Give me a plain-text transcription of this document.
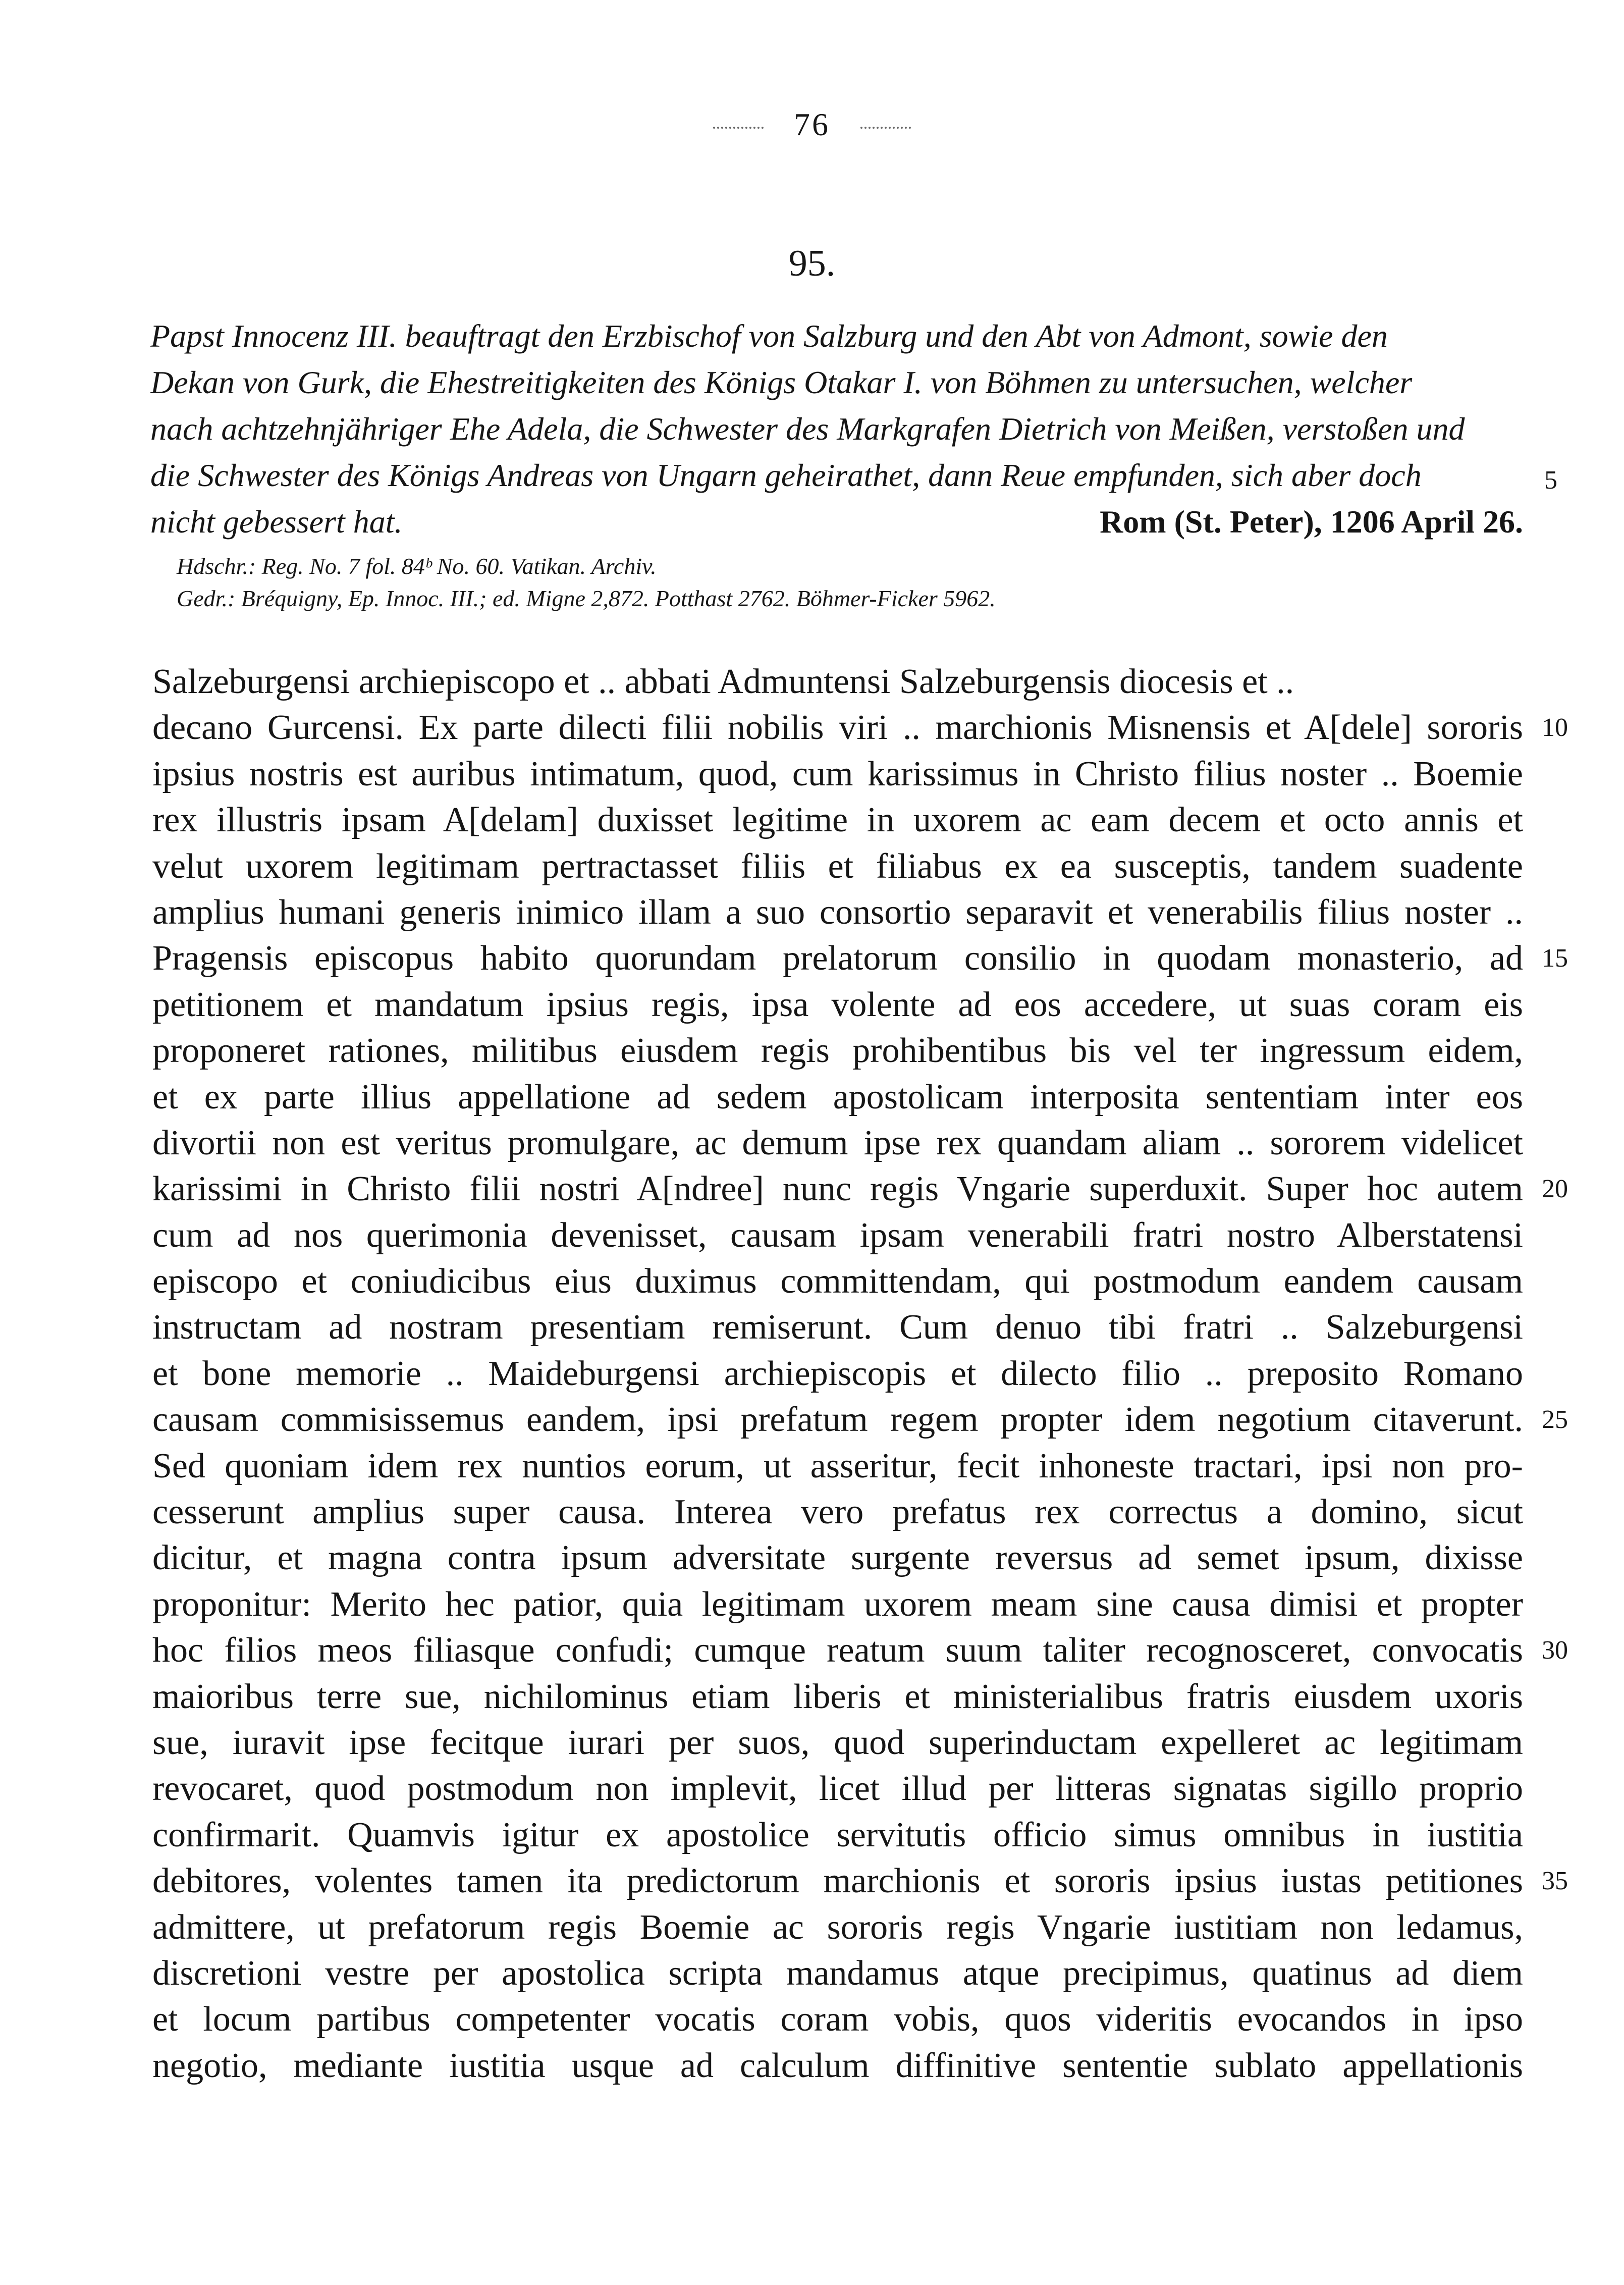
76
95.
Papst Innocenz III. beauftragt den Erzbischof von Salzburg und den Abt von Admont, sowie den
Dekan von Gurk, die Ehestreitigkeiten des Königs Otakar I. von Böhmen zu untersuchen, welcher
nach achtzehnjähriger Ehe Adela, die Schwester des Markgrafen Dietrich von Meißen, verstoßen und
die Schwester des Königs Andreas von Ungarn geheirathet, dann Reue empfunden, sich aber doch
nicht gebessert hat.	Rom (St. Peter), 1206 April 26.
5
Hdschr.: Reg. No. 7 fol. 84ᵇ No. 60. Vatikan. Archiv.
Gedr.: Bréquigny, Ep. Innoc. III.; ed. Migne 2,872. Potthast 2762. Böhmer-Ficker 5962.
Salzeburgensi archiepiscopo et .. abbati Admuntensi Salzeburgensis diocesis et ..
decano Gurcensi. Ex parte dilecti filii nobilis viri .. marchionis Misnensis et A[dele] sororis
ipsius nostris est auribus intimatum, quod, cum karissimus in Christo filius noster .. Boemie
rex illustris ipsam A[delam] duxisset legitime in uxorem ac eam decem et octo annis et
velut uxorem legitimam pertractasset filiis et filiabus ex ea susceptis, tandem suadente
amplius humani generis inimico illam a suo consortio separavit et venerabilis filius noster ..
Pragensis episcopus habito quorundam prelatorum consilio in quodam monasterio, ad
petitionem et mandatum ipsius regis, ipsa volente ad eos accedere, ut suas coram eis
proponeret rationes, militibus eiusdem regis prohibentibus bis vel ter ingressum eidem,
et ex parte illius appellatione ad sedem apostolicam interposita sententiam inter eos
divortii non est veritus promulgare, ac demum ipse rex quandam aliam .. sororem videlicet
karissimi in Christo filii nostri A[ndree] nunc regis Vngarie superduxit. Super hoc autem
cum ad nos querimonia devenisset, causam ipsam venerabili fratri nostro Alberstatensi
episcopo et coniudicibus eius duximus committendam, qui postmodum eandem causam
instructam ad nostram presentiam remiserunt. Cum denuo tibi fratri .. Salzeburgensi
et bone memorie .. Maideburgensi archiepiscopis et dilecto filio .. preposito Romano
causam commisissemus eandem, ipsi prefatum regem propter idem negotium citaverunt.
Sed quoniam idem rex nuntios eorum, ut asseritur, fecit inhoneste tractari, ipsi non pro-
cesserunt amplius super causa. Interea vero prefatus rex correctus a domino, sicut
dicitur, et magna contra ipsum adversitate surgente reversus ad semet ipsum, dixisse
proponitur: Merito hec patior, quia legitimam uxorem meam sine causa dimisi et propter
hoc filios meos filiasque confudi; cumque reatum suum taliter recognosceret, convocatis
maioribus terre sue, nichilominus etiam liberis et ministerialibus fratris eiusdem uxoris
sue, iuravit ipse fecitque iurari per suos, quod superinductam expelleret ac legitimam
revocaret, quod postmodum non implevit, licet illud per litteras signatas sigillo proprio
confirmarit. Quamvis igitur ex apostolice servitutis officio simus omnibus in iustitia
debitores, volentes tamen ita predictorum marchionis et sororis ipsius iustas petitiones
admittere, ut prefatorum regis Boemie ac sororis regis Vngarie iustitiam non ledamus,
discretioni vestre per apostolica scripta mandamus atque precipimus, quatinus ad diem
et locum partibus competenter vocatis coram vobis, quos videritis evocandos in ipso
negotio, mediante iustitia usque ad calculum diffinitive sententie sublato appellationis
10
15
20
25
30
35
